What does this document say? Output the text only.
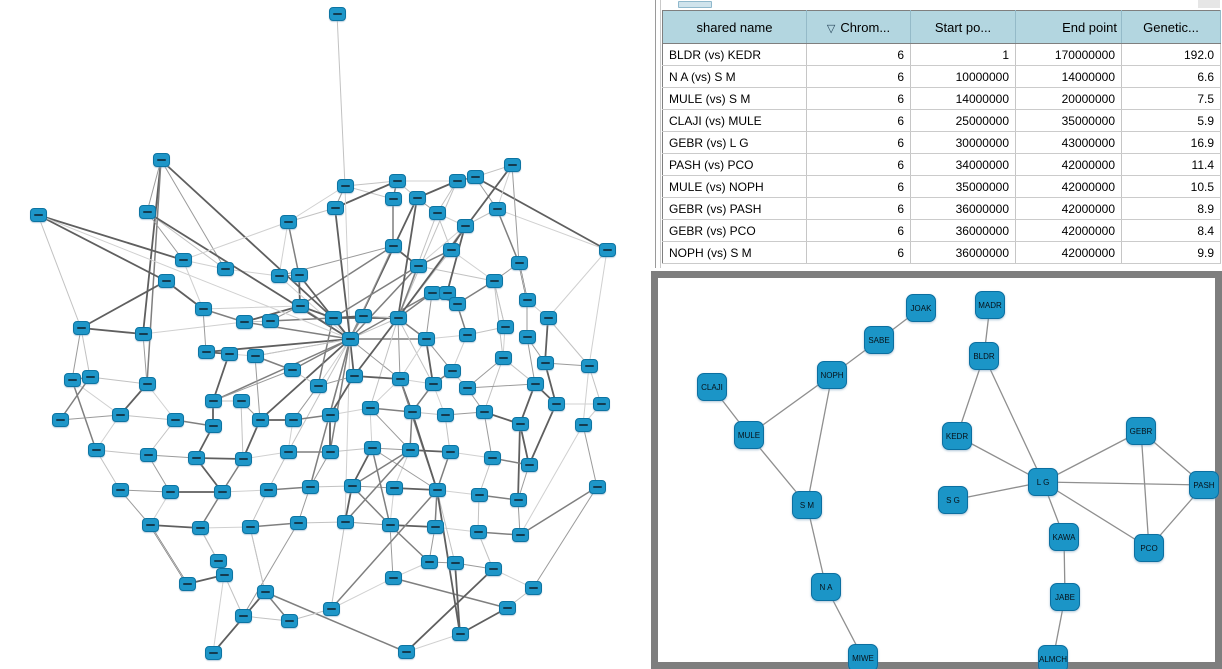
shared name	▽ Chrom...	Start po...	End point	Genetic...
BLDR (vs) KEDR	6	1	170000000	192.0
N A (vs) S M	6	10000000	14000000	6.6
MULE (vs) S M	6	14000000	20000000	7.5
CLAJI (vs) MULE	6	25000000	35000000	5.9
GEBR (vs) L G	6	30000000	43000000	16.9
PASH (vs) PCO	6	34000000	42000000	11.4
MULE (vs) NOPH	6	35000000	42000000	10.5
GEBR (vs) PASH	6	36000000	42000000	8.9
GEBR (vs) PCO	6	36000000	42000000	8.4
NOPH (vs) S M	6	36000000	42000000	9.9
JOAK	MADR
SABE
BLDR
NOPH
CLAJI
GEBR
MULE	KEDR
L G	PASH
S G
S M
KAWA
PCO
N A
JABE
MIWE	ALMCH
